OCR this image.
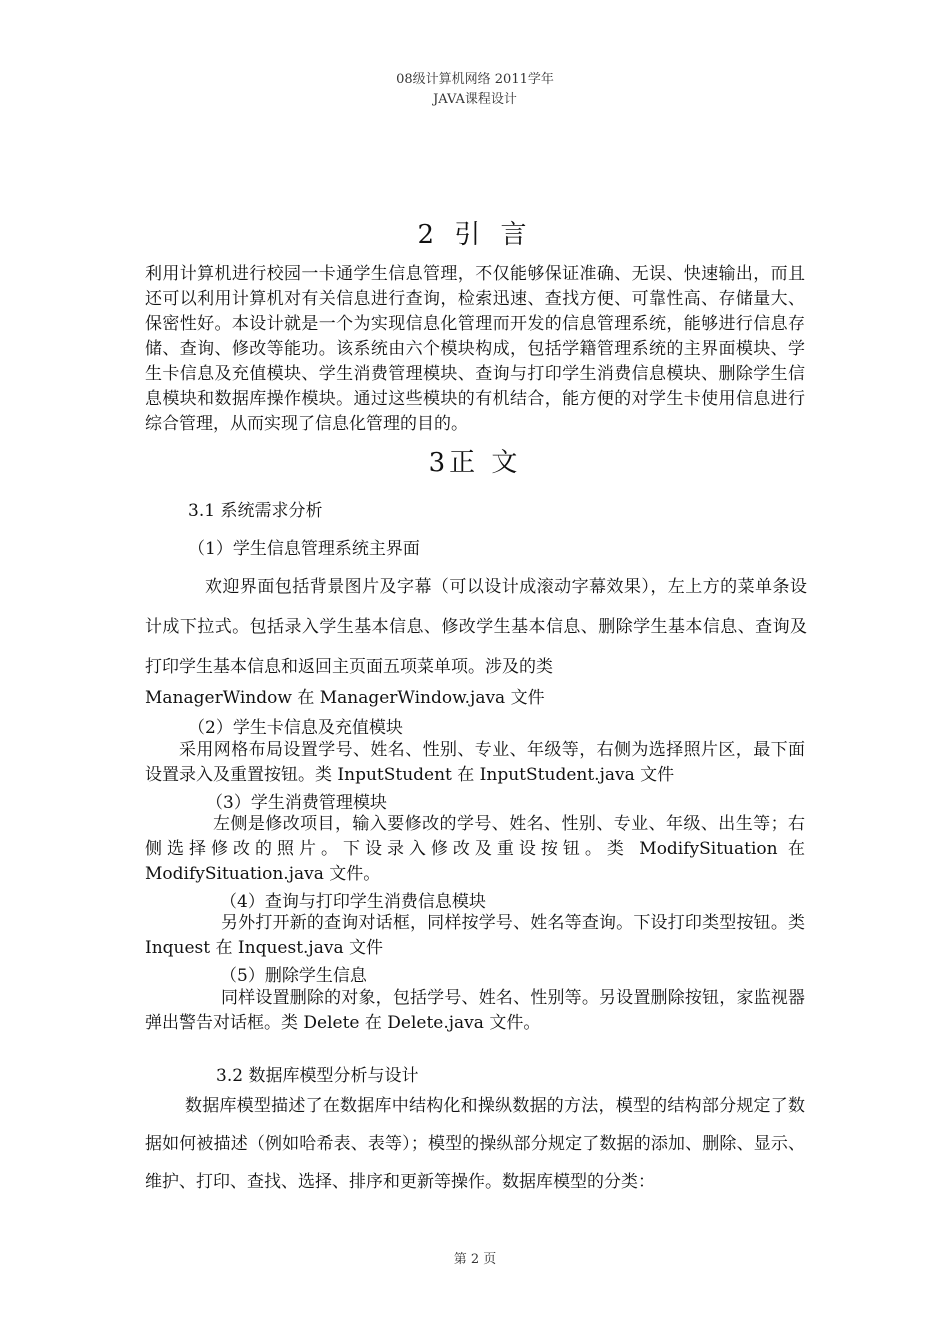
08级计算机网络 2011学年
JAVA课程设计
2 引 言

利用计算机进行校园一卡通学生信息管理，不仅能够保证准确、无误、快速输出，而且还可以利用计算机对有关信息进行查询，检索迅速、查找方便、可靠性高、存储量大、保密性好。本设计就是一个为实现信息化管理而开发的信息管理系统，能够进行信息存储、查询、修改等能功。该系统由六个模块构成，包括学籍管理系统的主界面模块、学生卡信息及充值模块、学生消费管理模块、查询与打印学生消费信息模块、删除学生信息模块和数据库操作模块。通过这些模块的有机结合，能方便的对学生卡使用信息进行综合管理，从而实现了信息化管理的目的。

3正 文
3.1 系统需求分析
（1）学生信息管理系统主界面

欢迎界面包括背景图片及字幕（可以设计成滚动字幕效果），左上方的菜单条设计成下拉式。包括录入学生基本信息、修改学生基本信息、删除学生基本信息、查询及打印学生基本信息和返回主页面五项菜单项。涉及的类

ManagerWindow 在 ManagerWindow.java 文件
（2）学生卡信息及充值模块

采用网格布局设置学号、姓名、性别、专业、年级等，右侧为选择照片区，最下面设置录入及重置按钮。类 InputStudent 在 InputStudent.java 文件

（3）学生消费管理模块

左侧是修改项目，输入要修改的学号、姓名、性别、专业、年级、出生等；右侧选择修改的照片。下设录入修改及重设按钮。类 ModifySituation 在 ModifySituation.java 文件。

（4）查询与打印学生消费信息模块

另外打开新的查询对话框，同样按学号、姓名等查询。下设打印类型按钮。类 Inquest 在 Inquest.java 文件

（5）删除学生信息

同样设置删除的对象，包括学号、姓名、性别等。另设置删除按钮，家监视器弹出警告对话框。类 Delete 在 Delete.java 文件。

3.2 数据库模型分析与设计

数据库模型描述了在数据库中结构化和操纵数据的方法，模型的结构部分规定了数据如何被描述（例如哈希表、表等）；模型的操纵部分规定了数据的添加、删除、显示、维护、打印、查找、选择、排序和更新等操作。数据库模型的分类：

第 2 页
